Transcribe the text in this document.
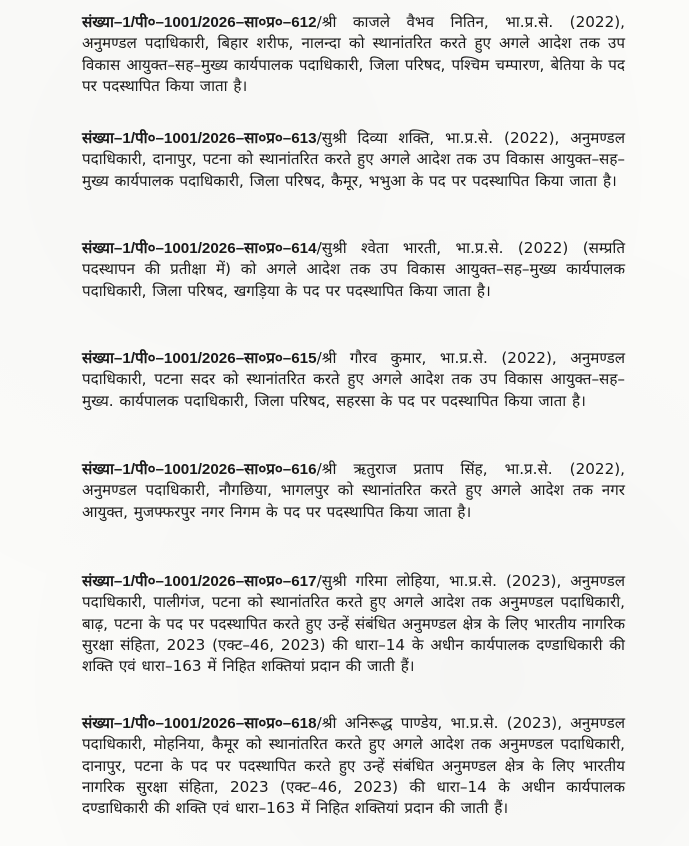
संख्या–1/पी०–1001/2026–सा०प्र०–612/श्री काजले वैभव नितिन, भा.प्र.से. (2022), अनुमण्डल पदाधिकारी, बिहार शरीफ, नालन्दा को स्थानांतरित करते हुए अगले आदेश तक उप विकास आयुक्त–सह–मुख्य कार्यपालक पदाधिकारी, जिला परिषद, पश्चिम चम्पारण, बेतिया के पद पर पदस्थापित किया जाता है।

संख्या–1/पी०–1001/2026–सा०प्र०–613/सुश्री दिव्या शक्ति, भा.प्र.से. (2022), अनुमण्डल पदाधिकारी, दानापुर, पटना को स्थानांतरित करते हुए अगले आदेश तक उप विकास आयुक्त–सह–मुख्य कार्यपालक पदाधिकारी, जिला परिषद, कैमूर, भभुआ के पद पर पदस्थापित किया जाता है।

संख्या–1/पी०–1001/2026–सा०प्र०–614/सुश्री श्वेता भारती, भा.प्र.से. (2022) (सम्प्रति पदस्थापन की प्रतीक्षा में) को अगले आदेश तक उप विकास आयुक्त–सह–मुख्य कार्यपालक पदाधिकारी, जिला परिषद, खगड़िया के पद पर पदस्थापित किया जाता है।

संख्या–1/पी०–1001/2026–सा०प्र०–615/श्री गौरव कुमार, भा.प्र.से. (2022), अनुमण्डल पदाधिकारी, पटना सदर को स्थानांतरित करते हुए अगले आदेश तक उप विकास आयुक्त–सह–मुख्य. कार्यपालक पदाधिकारी, जिला परिषद, सहरसा के पद पर पदस्थापित किया जाता है।

संख्या–1/पी०–1001/2026–सा०प्र०–616/श्री ऋतुराज प्रताप सिंह, भा.प्र.से. (2022), अनुमण्डल पदाधिकारी, नौगछिया, भागलपुर को स्थानांतरित करते हुए अगले आदेश तक नगर आयुक्त, मुजफ्फरपुर नगर निगम के पद पर पदस्थापित किया जाता है।

संख्या–1/पी०–1001/2026–सा०प्र०–617/सुश्री गरिमा लोहिया, भा.प्र.से. (2023), अनुमण्डल पदाधिकारी, पालीगंज, पटना को स्थानांतरित करते हुए अगले आदेश तक अनुमण्डल पदाधिकारी, बाढ़, पटना के पद पर पदस्थापित करते हुए उन्हें संबंधित अनुमण्डल क्षेत्र के लिए भारतीय नागरिक सुरक्षा संहिता, 2023 (एक्ट–46, 2023) की धारा–14 के अधीन कार्यपालक दण्डाधिकारी की शक्ति एवं धारा–163 में निहित शक्तियां प्रदान की जाती हैं।

संख्या–1/पी०–1001/2026–सा०प्र०–618/श्री अनिरूद्ध पाण्डेय, भा.प्र.से. (2023), अनुमण्डल पदाधिकारी, मोहनिया, कैमूर को स्थानांतरित करते हुए अगले आदेश तक अनुमण्डल पदाधिकारी, दानापुर, पटना के पद पर पदस्थापित करते हुए उन्हें संबंधित अनुमण्डल क्षेत्र के लिए भारतीय नागरिक सुरक्षा संहिता, 2023 (एक्ट–46, 2023) की धारा–14 के अधीन कार्यपालक दण्डाधिकारी की शक्ति एवं धारा–163 में निहित शक्तियां प्रदान की जाती हैं।
